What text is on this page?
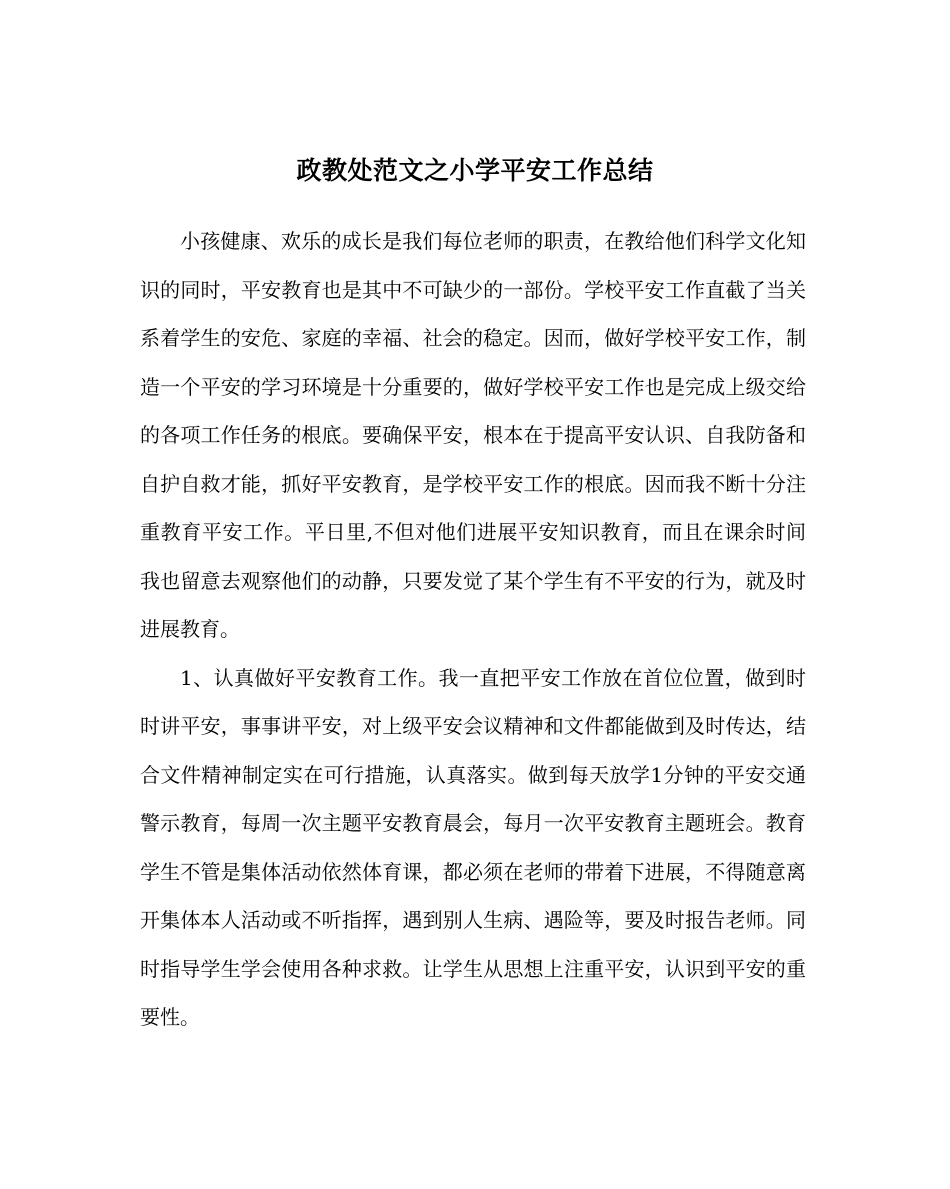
政教处范文之小学平安工作总结

小孩健康、欢乐的成长是我们每位老师的职责，在教给他们科学文化知识的同时，平安教育也是其中不可缺少的一部份。学校平安工作直截了当关系着学生的安危、家庭的幸福、社会的稳定。因而，做好学校平安工作，制造一个平安的学习环境是十分重要的，做好学校平安工作也是完成上级交给的各项工作任务的根底。要确保平安，根本在于提高平安认识、自我防备和自护自救才能，抓好平安教育，是学校平安工作的根底。因而我不断十分注重教育平安工作。平日里,不但对他们进展平安知识教育，而且在课余时间我也留意去观察他们的动静，只要发觉了某个学生有不平安的行为，就及时进展教育。

1、认真做好平安教育工作。我一直把平安工作放在首位位置，做到时时讲平安，事事讲平安，对上级平安会议精神和文件都能做到及时传达，结合文件精神制定实在可行措施，认真落实。做到每天放学1分钟的平安交通警示教育，每周一次主题平安教育晨会，每月一次平安教育主题班会。教育学生不管是集体活动依然体育课，都必须在老师的带着下进展，不得随意离开集体本人活动或不听指挥，遇到别人生病、遇险等，要及时报告老师。同时指导学生学会使用各种求救。让学生从思想上注重平安，认识到平安的重要性。
